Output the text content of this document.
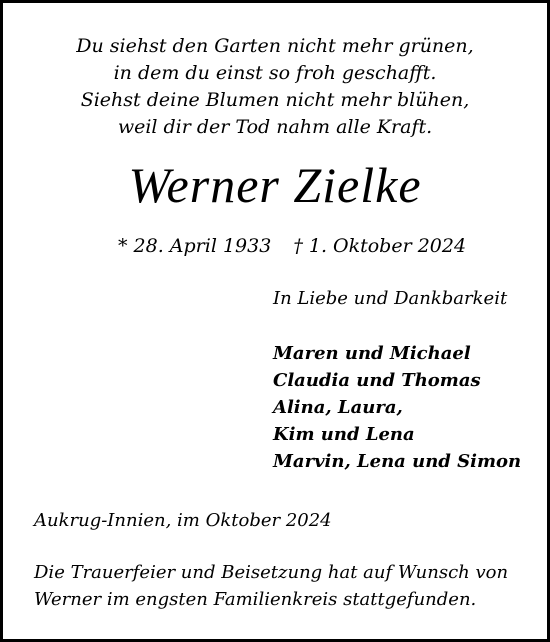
Du siehst den Garten nicht mehr grünen,
in dem du einst so froh geschafft.
Siehst deine Blumen nicht mehr blühen,
weil dir der Tod nahm alle Kraft.
Werner Zielke
* 28. April 1933 † 1. Oktober 2024
In Liebe und Dankbarkeit
Maren und Michael
Claudia und Thomas
Alina, Laura,
Kim und Lena
Marvin, Lena und Simon
Aukrug-Innien, im Oktober 2024
Die Trauerfeier und Beisetzung hat auf Wunsch von
Werner im engsten Familienkreis stattgefunden.
